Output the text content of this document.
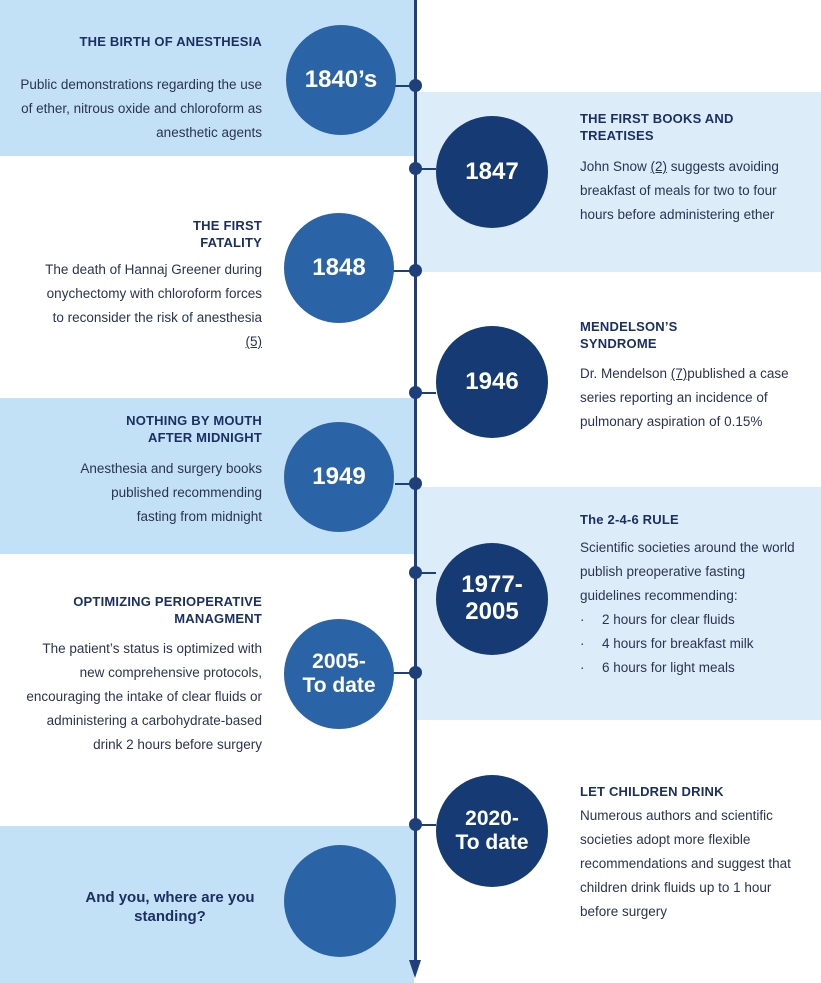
1840’s
1847
1848
1946
1949
1977-
2005
2005-
To date
2020-
To date
THE BIRTH OF ANESTHESIA
Public demonstrations regarding the use of ether, nitrous oxide and chloroform as anesthetic agents
THE FIRST BOOKS AND TREATISES
John Snow (2) suggests avoiding breakfast of meals for two to four hours before administering ether
THE FIRST
FATALITY
The death of Hannaj Greener during onychectomy with chloroform forces to reconsider the risk of anesthesia (5)
MENDELSON’S
SYNDROME
Dr. Mendelson (7)published a case series reporting an incidence of pulmonary aspiration of 0.15%
NOTHING BY MOUTH
AFTER MIDNIGHT
Anesthesia and surgery books published recommending fasting from midnight	The 2-4-6 RULE
Scientific societies around the world publish preoperative fasting guidelines recommending:
· 2 hours for clear fluids
· 4 hours for breakfast milk
· 6 hours for light meals
OPTIMIZING PERIOPERATIVE
MANAGMENT
The patient’s status is optimized with new comprehensive protocols, encouraging the intake of clear fluids or administering a carbohydrate-based drink 2 hours before surgery
LET CHILDREN DRINK
Numerous authors and scientific societies adopt more flexible recommendations and suggest that children drink fluids up to 1 hour before surgery
And you, where are you standing?
